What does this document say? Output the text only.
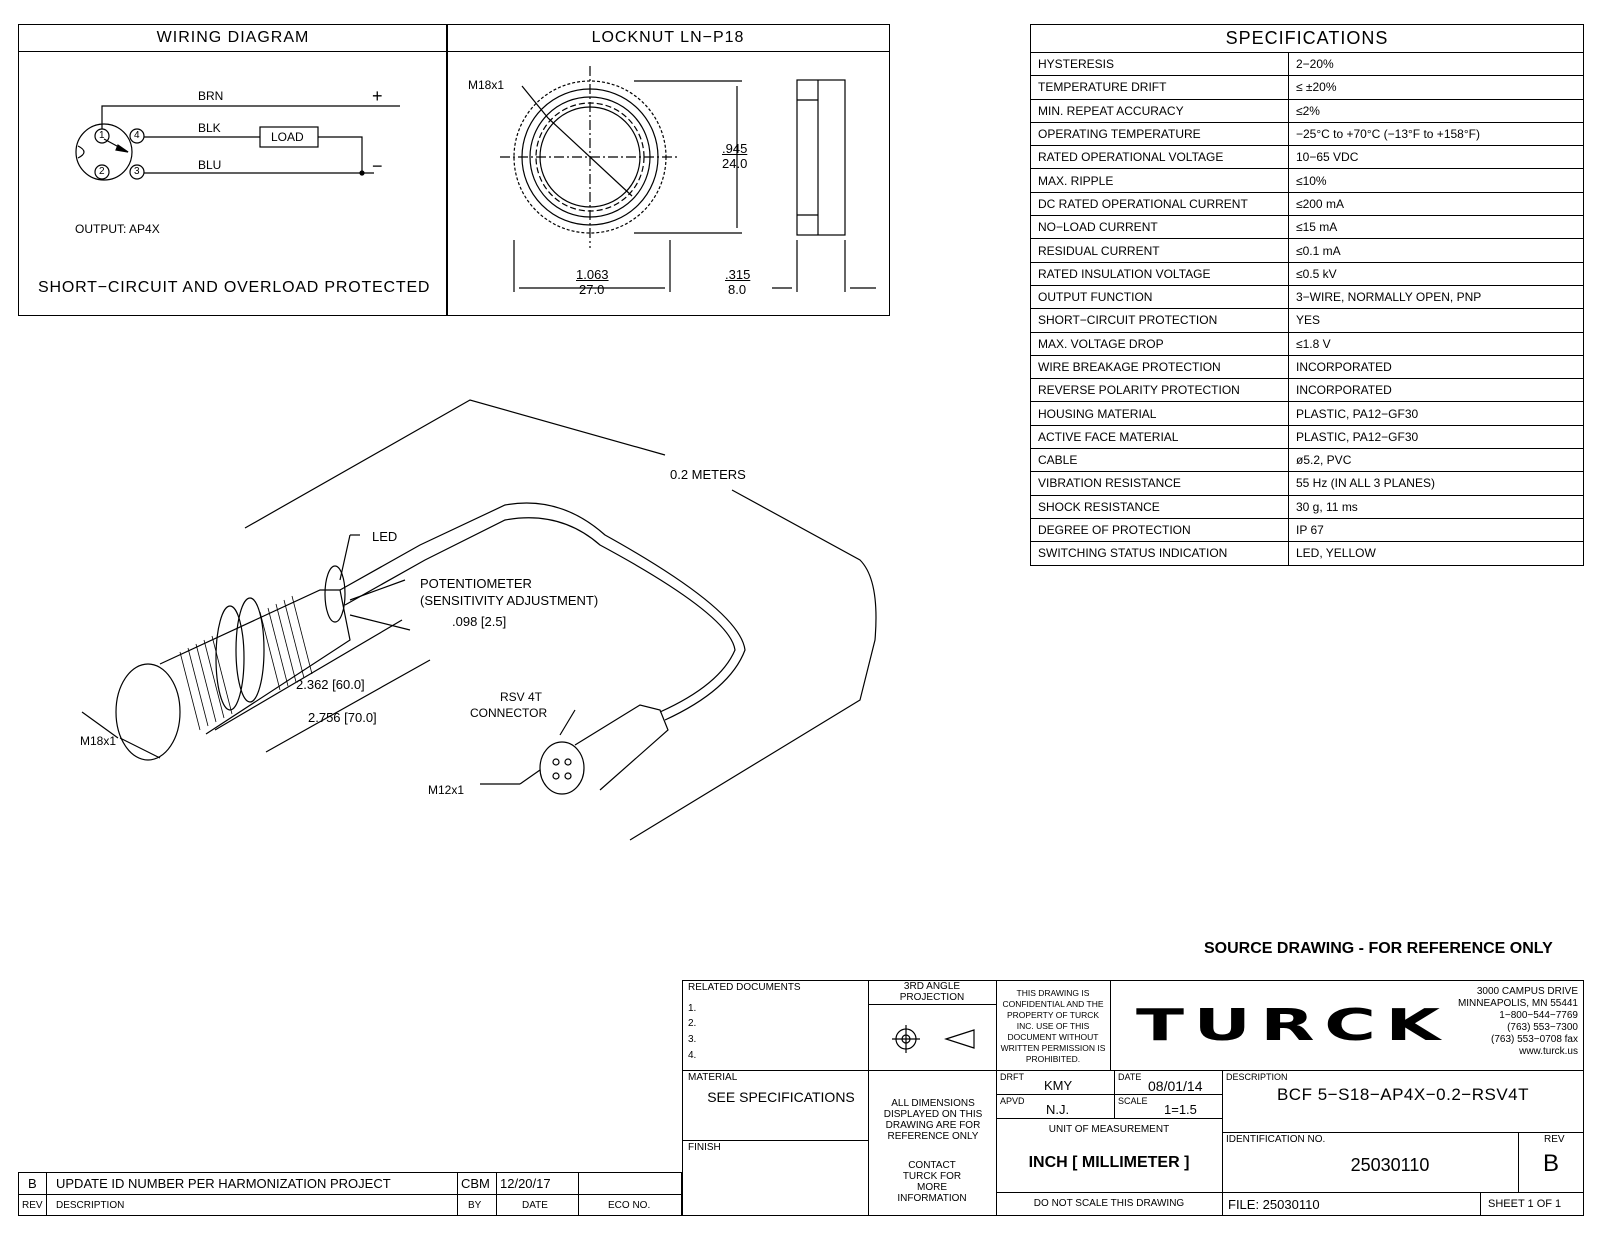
WIRING DIAGRAM	LOCKNUT LN−P18
BRN
BLK
BLU
+
−
LOAD
1	4
2	3
OUTPUT: AP4X
SHORT−CIRCUIT AND OVERLOAD PROTECTED
M18x1
.945
24.0
1.063
27.0
.315
8.0
0.2 METERS
LED
POTENTIOMETER
(SENSITIVITY ADJUSTMENT)
.098 [2.5]
2.362 [60.0]
2.756 [70.0]
M18x1
RSV 4T
CONNECTOR
M12x1
SOURCE DRAWING - FOR REFERENCE ONLY
SPECIFICATIONS	
HYSTERESIS	2−20%
TEMPERATURE DRIFT	≤ ±20%
MIN. REPEAT ACCURACY	≤2%
OPERATING TEMPERATURE	−25°C to +70°C (−13°F to +158°F)
RATED OPERATIONAL VOLTAGE	10−65 VDC
MAX. RIPPLE	≤10%
DC RATED OPERATIONAL CURRENT	≤200 mA
NO−LOAD CURRENT	≤15 mA
RESIDUAL CURRENT	≤0.1 mA
RATED INSULATION VOLTAGE	≤0.5 kV
OUTPUT FUNCTION	3−WIRE, NORMALLY OPEN, PNP
SHORT−CIRCUIT PROTECTION	YES
MAX. VOLTAGE DROP	≤1.8 V
WIRE BREAKAGE PROTECTION	INCORPORATED
REVERSE POLARITY PROTECTION	INCORPORATED
HOUSING MATERIAL	PLASTIC, PA12−GF30
ACTIVE FACE MATERIAL	PLASTIC, PA12−GF30
CABLE	ø5.2, PVC
VIBRATION RESISTANCE	55 Hz (IN ALL 3 PLANES)
SHOCK RESISTANCE	30 g, 11 ms
DEGREE OF PROTECTION	IP 67
SWITCHING STATUS INDICATION	LED, YELLOW
B UPDATE ID NUMBER PER HARMONIZATION PROJECT	CBM 12/20/17
REV DESCRIPTION	BY	DATE	ECO NO.
RELATED DOCUMENTS
1.
2.
3.
4.
3RD ANGLE PROJECTION	THIS DRAWING IS CONFIDENTIAL AND THE PROPERTY OF TURCK INC. USE OF THIS DOCUMENT WITHOUT WRITTEN PERMISSION IS PROHIBITED.
TURCK
3000 CAMPUS DRIVE
MINNEAPOLIS, MN 55441
1−800−544−7769
(763) 553−7300
(763) 553−0708 fax
www.turck.us
MATERIAL
SEE SPECIFICATIONS
FINISH
ALL DIMENSIONS DISPLAYED ON THIS DRAWING ARE FOR REFERENCE ONLY
CONTACT TURCK FOR MORE INFORMATION
DRFT
KMY
DATE
08/01/14
APVD
N.J.
SCALE
1=1.5
UNIT OF MEASUREMENT
INCH [ MILLIMETER ]
DO NOT SCALE THIS DRAWING
DESCRIPTION
BCF 5−S18−AP4X−0.2−RSV4T
IDENTIFICATION NO.
25030110
REV
B
FILE: 25030110	SHEET 1 OF 1
